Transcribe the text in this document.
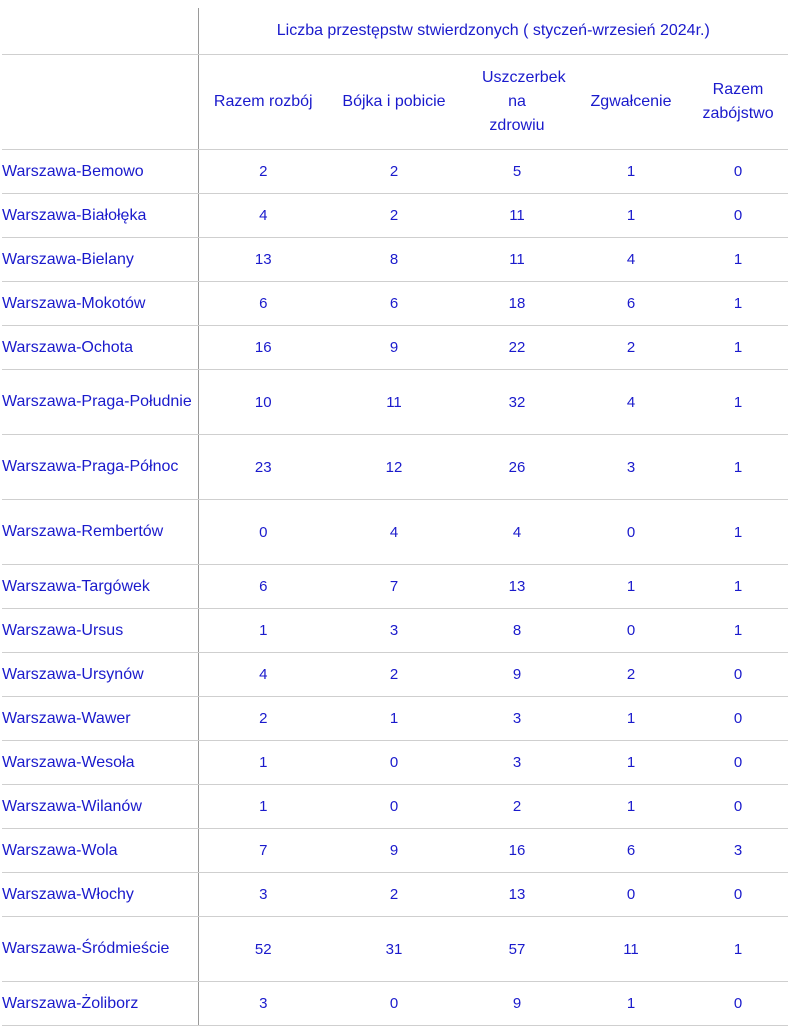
	Liczba przestępstw stwierdzonych ( styczeń-wrzesień 2024r.)				
	Razem rozbój	Bójka i pobicie	Uszczerbek na zdrowiu	Zgwałcenie	Razem zabójstwo
Warszawa-Bemowo	2	2	5	1	0
Warszawa-Białołęka	4	2	11	1	0
Warszawa-Bielany	13	8	11	4	1
Warszawa-Mokotów	6	6	18	6	1
Warszawa-Ochota	16	9	22	2	1
Warszawa-Praga-Południe	10	11	32	4	1
Warszawa-Praga-Północ	23	12	26	3	1
Warszawa-Rembertów	0	4	4	0	1
Warszawa-Targówek	6	7	13	1	1
Warszawa-Ursus	1	3	8	0	1
Warszawa-Ursynów	4	2	9	2	0
Warszawa-Wawer	2	1	3	1	0
Warszawa-Wesoła	1	0	3	1	0
Warszawa-Wilanów	1	0	2	1	0
Warszawa-Wola	7	9	16	6	3
Warszawa-Włochy	3	2	13	0	0
Warszawa-Śródmieście	52	31	57	11	1
Warszawa-Żoliborz	3	0	9	1	0
